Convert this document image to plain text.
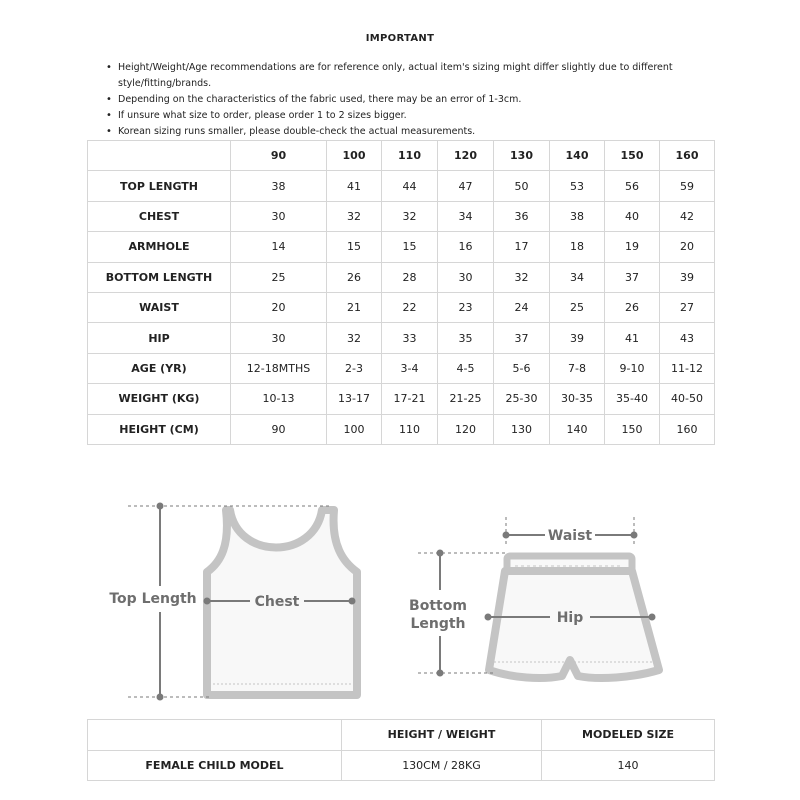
IMPORTANT
• Height/Weight/Age recommendations are for reference only, actual item's sizing might differ slightly due to different style/fitting/brands.
• Depending on the characteristics of the fabric used, there may be an error of 1-3cm.
• If unsure what size to order, please order 1 to 2 sizes bigger.
• Korean sizing runs smaller, please double-check the actual measurements.
	90	100	110	120	130	140	150	160
TOP LENGTH	38	41	44	47	50	53	56	59
CHEST	30	32	32	34	36	38	40	42
ARMHOLE	14	15	15	16	17	18	19	20
BOTTOM LENGTH	25	26	28	30	32	34	37	39
WAIST	20	21	22	23	24	25	26	27
HIP	30	32	33	35	37	39	41	43
AGE (YR)	12-18MTHS	2-3	3-4	4-5	5-6	7-8	9-10	11-12
WEIGHT (KG)	10-13	13-17	17-21	21-25	25-30	30-35	35-40	40-50
HEIGHT (CM)	90	100	110	120	130	140	150	160
Top Length	Chest
Waist
Bottom
Length	Hip
	HEIGHT / WEIGHT	MODELED SIZE
FEMALE CHILD MODEL	130CM / 28KG	140
